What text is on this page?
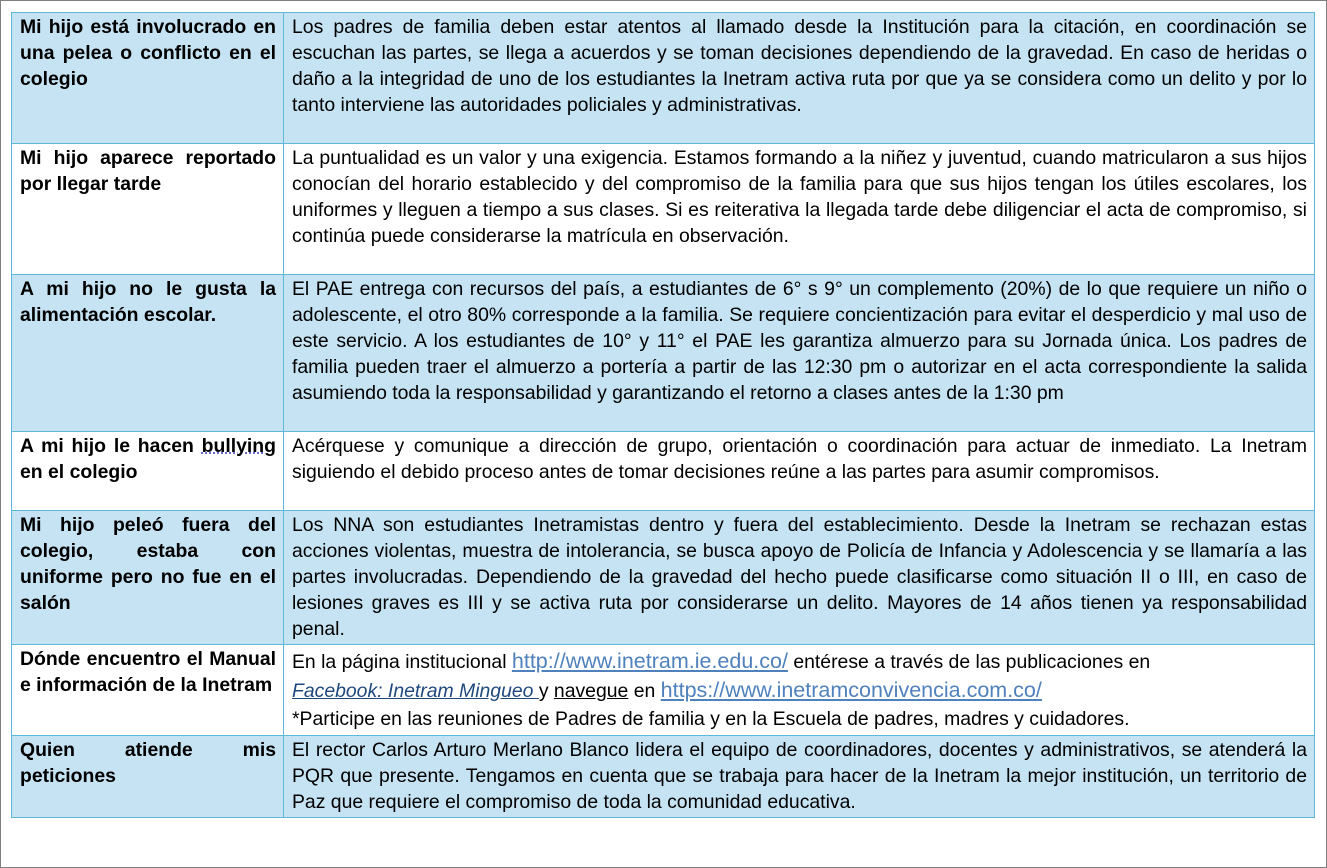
Mi hijo está involucrado en una pelea o conflicto en el colegio	Los padres de familia deben estar atentos al llamado desde la Institución para la citación, en coordinación se escuchan las partes, se llega a acuerdos y se toman decisiones dependiendo de la gravedad. En caso de heridas o daño a la integridad de uno de los estudiantes la Inetram activa ruta por que ya se considera como un delito y por lo tanto interviene las autoridades policiales y administrativas.
Mi hijo aparece reportado por llegar tarde	La puntualidad es un valor y una exigencia. Estamos formando a la niñez y juventud, cuando matricularon a sus hijos conocían del horario establecido y del compromiso de la familia para que sus hijos tengan los útiles escolares, los uniformes y lleguen a tiempo a sus clases. Si es reiterativa la llegada tarde debe diligenciar el acta de compromiso, si continúa puede considerarse la matrícula en observación.
A mi hijo no le gusta la alimentación escolar.	El PAE entrega con recursos del país, a estudiantes de 6° s 9° un complemento (20%) de lo que requiere un niño o adolescente, el otro 80% corresponde a la familia. Se requiere concientización para evitar el desperdicio y mal uso de este servicio. A los estudiantes de 10° y 11° el PAE les garantiza almuerzo para su Jornada única. Los padres de familia pueden traer el almuerzo a portería a partir de las 12:30 pm o autorizar en el acta correspondiente la salida asumiendo toda la responsabilidad y garantizando el retorno a clases antes de la 1:30 pm
A mi hijo le hacen bullying en el colegio	Acérquese y comunique a dirección de grupo, orientación o coordinación para actuar de inmediato. La Inetram siguiendo el debido proceso antes de tomar decisiones reúne a las partes para asumir compromisos.
Mi hijo peleó fuera del colegio, estaba con uniforme pero no fue en el salón	Los NNA son estudiantes Inetramistas dentro y fuera del establecimiento. Desde la Inetram se rechazan estas acciones violentas, muestra de intolerancia, se busca apoyo de Policía de Infancia y Adolescencia y se llamaría a las partes involucradas. Dependiendo de la gravedad del hecho puede clasificarse como situación II o III, en caso de lesiones graves es III y se activa ruta por considerarse un delito. Mayores de 14 años tienen ya responsabilidad penal.
Dónde encuentro el Manual e información de la Inetram	En la página institucional http://www.inetram.ie.edu.co/ entérese a través de las publicaciones en
Facebook: Inetram Mingueo y navegue en https://www.inetramconvivencia.com.co/
*Participe en las reuniones de Padres de familia y en la Escuela de padres, madres y cuidadores.
Quien atiende mis peticiones	El rector Carlos Arturo Merlano Blanco lidera el equipo de coordinadores, docentes y administrativos, se atenderá la PQR que presente. Tengamos en cuenta que se trabaja para hacer de la Inetram la mejor institución, un territorio de Paz que requiere el compromiso de toda la comunidad educativa.
